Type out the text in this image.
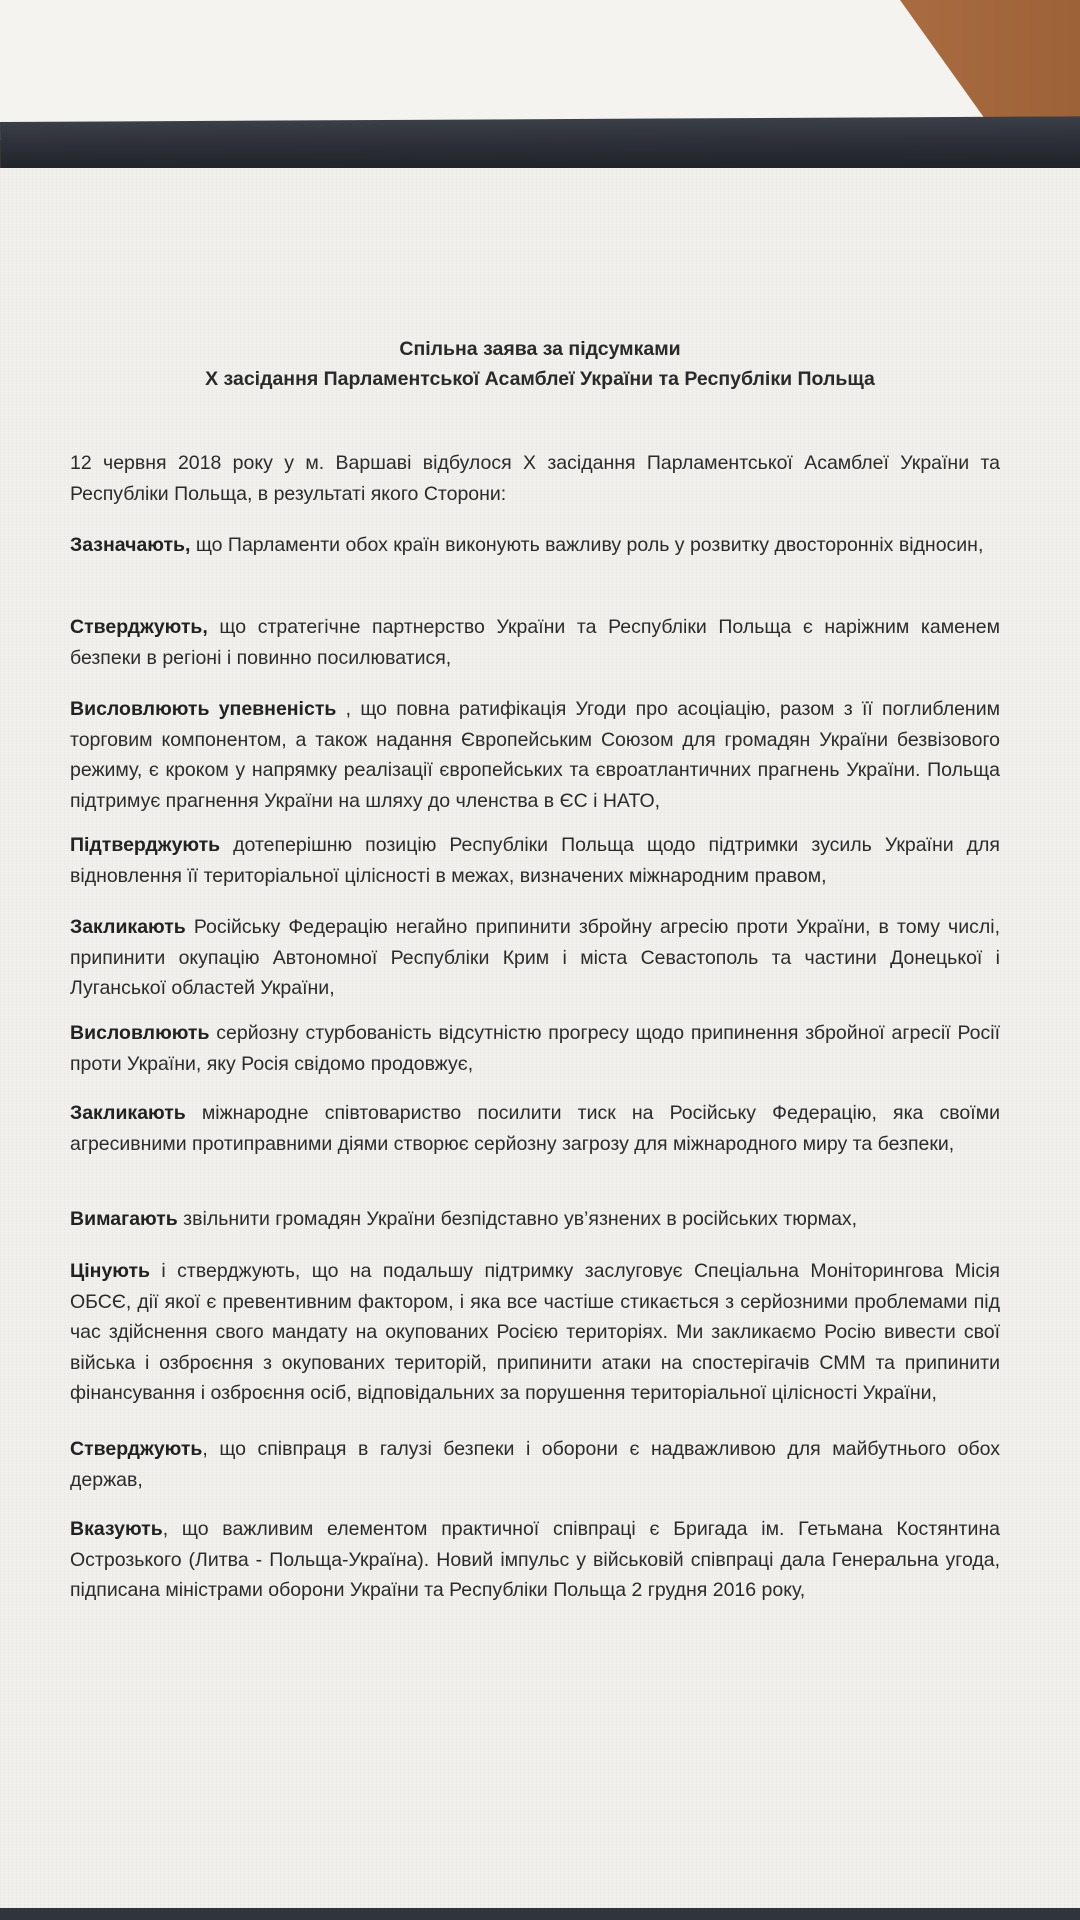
Спільна заява за підсумками
Х засідання Парламентської Асамблеї України та Республіки Польща

12 червня 2018 року у м. Варшаві відбулося Х засідання Парламентської Асамблеї України та Республіки Польща, в результаті якого Сторони:

Зазначають, що Парламенти обох країн виконують важливу роль у розвитку двосторонніх відносин,

Стверджують, що стратегічне партнерство України та Республіки Польща є наріжним каменем безпеки в регіоні і повинно посилюватися,

Висловлюють упевненість , що повна ратифікація Угоди про асоціацію, разом з її поглибленим торговим компонентом, а також надання Європейським Союзом для громадян України безвізового режиму, є кроком у напрямку реалізації європейських та євроатлантичних прагнень України. Польща підтримує прагнення України на шляху до членства в ЄС і НАТО,

Підтверджують дотеперішню позицію Республіки Польща щодо підтримки зусиль України для відновлення її територіальної цілісності в межах, визначених міжнародним правом,

Закликають Російську Федерацію негайно припинити збройну агресію проти України, в тому числі, припинити окупацію Автономної Республіки Крим і міста Севастополь та частини Донецької і Луганської областей України,

Висловлюють серйозну стурбованість відсутністю прогресу щодо припинення збройної агресії Росії проти України, яку Росія свідомо продовжує,

Закликають міжнародне співтовариство посилити тиск на Російську Федерацію, яка своїми агресивними протиправними діями створює серйозну загрозу для міжнародного миру та безпеки,

Вимагають звільнити громадян України безпідставно ув’язнених в російських тюрмах,

Цінують і стверджують, що на подальшу підтримку заслуговує Спеціальна Моніторингова Місія ОБСЄ, дії якої є превентивним фактором, і яка все частіше стикається з серйозними проблемами під час здійснення свого мандату на окупованих Росією територіях. Ми закликаємо Росію вивести свої війська і озброєння з окупованих територій, припинити атаки на спостерігачів СММ та припинити фінансування і озброєння осіб, відповідальних за порушення територіальної цілісності України,

Стверджують, що співпраця в галузі безпеки і оборони є надважливою для майбутнього обох держав,

Вказують, що важливим елементом практичної співпраці є Бригада ім. Гетьмана Костянтина Острозького (Литва - Польща-Україна). Новий імпульс у військовій співпраці дала Генеральна угода, підписана міністрами оборони України та Республіки Польща 2 грудня 2016 року,
